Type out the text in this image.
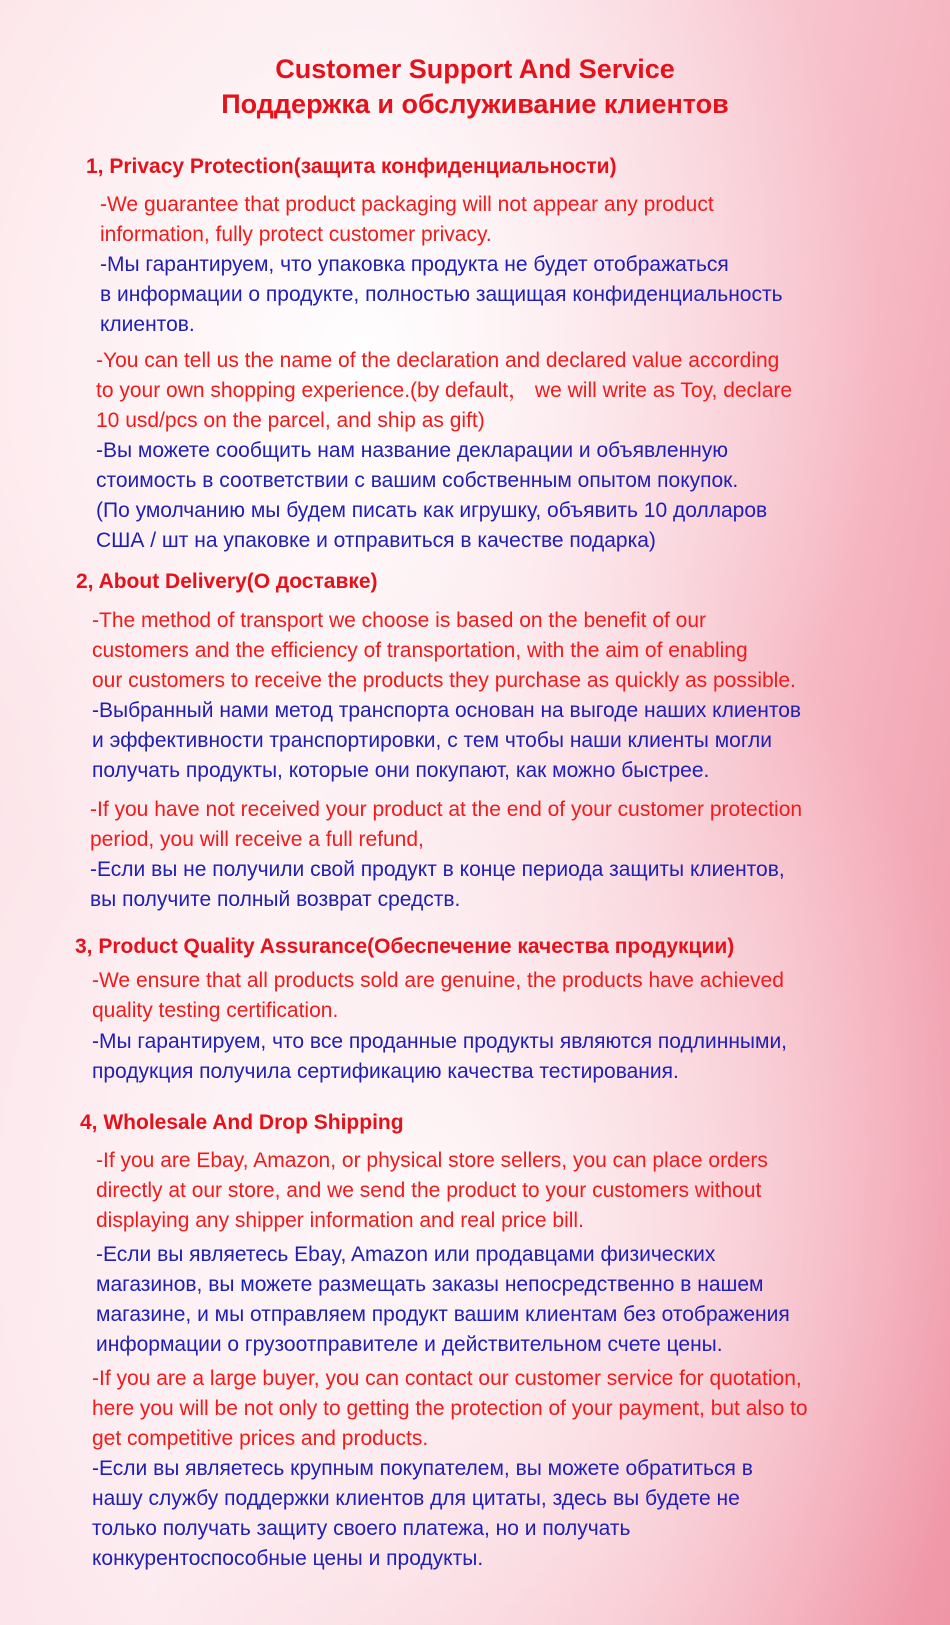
Customer Support And Service
Поддержка и обслуживание клиентов
1, Privacy Protection(защита конфиденциальности)

-We guarantee that product packaging will not appear any product
information, fully protect customer privacy.

-Мы гарантируем, что упаковка продукта не будет отображаться
в информации о продукте, полностью защищая конфиденциальность
клиентов.

-You can tell us the name of the declaration and declared value according
to your own shopping experience.(by default， we will write as Toy, declare
10 usd/pcs on the parcel, and ship as gift)

-Вы можете сообщить нам название декларации и объявленную
стоимость в соответствии с вашим собственным опытом покупок.
(По умолчанию мы будем писать как игрушку, объявить 10 долларов
США / шт на упаковке и отправиться в качестве подарка)

2, About Delivery(О доставке)

-The method of transport we choose is based on the benefit of our
customers and the efficiency of transportation, with the aim of enabling
our customers to receive the products they purchase as quickly as possible.

-Выбранный нами метод транспорта основан на выгоде наших клиентов
и эффективности транспортировки, с тем чтобы наши клиенты могли
получать продукты, которые они покупают, как можно быстрее.

-If you have not received your product at the end of your customer protection
period, you will receive a full refund,

-Если вы не получили свой продукт в конце периода защиты клиентов,
вы получите полный возврат средств.

3, Product Quality Assurance(Обеспечение качества продукции)

-We ensure that all products sold are genuine, the products have achieved
quality testing certification.

-Мы гарантируем, что все проданные продукты являются подлинными,
продукция получила сертификацию качества тестирования.

4, Wholesale And Drop Shipping

-If you are Ebay, Amazon, or physical store sellers, you can place orders
directly at our store, and we send the product to your customers without
displaying any shipper information and real price bill.

-Если вы являетесь Ebay, Amazon или продавцами физических
магазинов, вы можете размещать заказы непосредственно в нашем
магазине, и мы отправляем продукт вашим клиентам без отображения
информации о грузоотправителе и действительном счете цены.

-If you are a large buyer, you can contact our customer service for quotation,
here you will be not only to getting the protection of your payment, but also to
get competitive prices and products.

-Если вы являетесь крупным покупателем, вы можете обратиться в
нашу службу поддержки клиентов для цитаты, здесь вы будете не
только получать защиту своего платежа, но и получать
конкурентоспособные цены и продукты.
